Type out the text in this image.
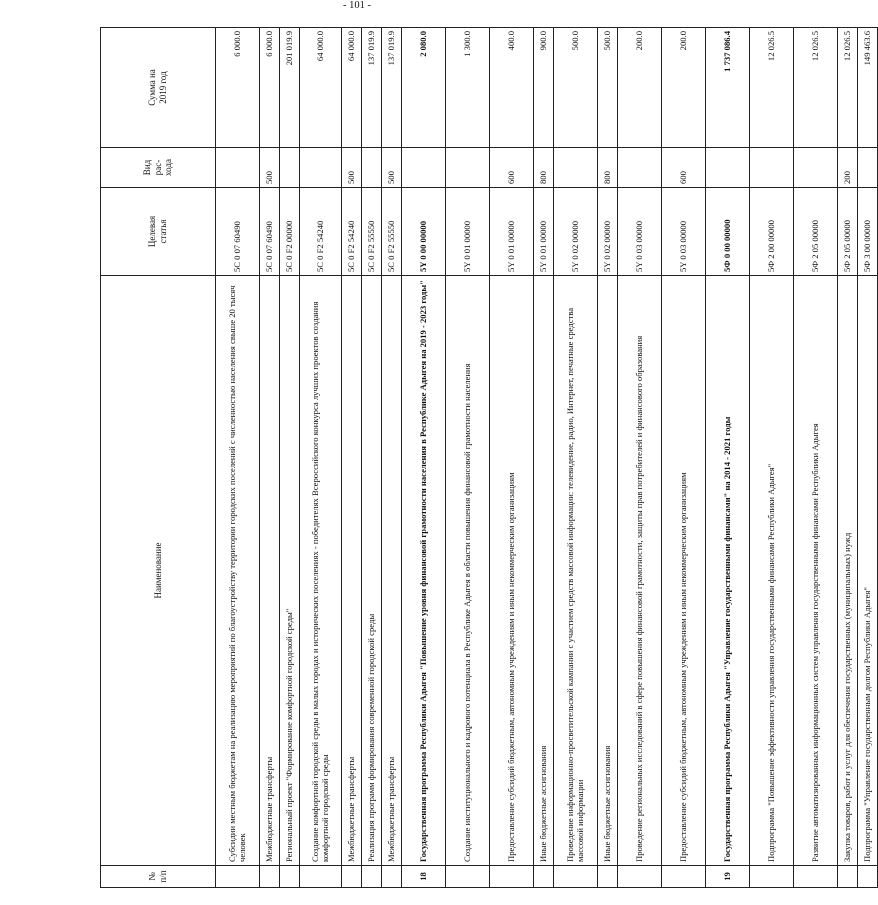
- 101 -
№
п/п	Наименование	Целевая
статья	Вид
рас-
хода	Сумма на
2019 год
	Субсидии местным бюджетам на реализацию мероприятий по благоустройству территории городских поселений с численностью населения свыше 20 тысяч человек	5С 0 07 60490		6 000.0
	Межбюджетные трансферты	5С 0 07 60490	500	6 000.0
	Региональный проект "Формирование комфортной городской среды"	5С 0 F2 00000		201 019.9
	Создание комфортной городской среды в малых городах и исторических поселениях - победителях Всероссийского конкурса лучших проектов создания комфортной городской среды	5С 0 F2 54240		64 000.0
	Межбюджетные трансферты	5С 0 F2 54240	500	64 000.0
	Реализация программ формирования современной городской среды	5С 0 F2 55550		137 019.9
	Межбюджетные трансферты	5С 0 F2 55550	500	137 019.9
18	Государственная программа Республики Адыгея "Повышение уровня финансовой грамотности населения в Республике Адыгея на 2019 - 2023 годы"	5Y 0 00 00000		2 080.0
	Создание институционального и кадрового потенциала в Республике Адыгея в области повышения финансовой грамотности населения	5Y 0 01 00000		1 300.0
	Предоставление субсидий бюджетным, автономным учреждениям и иным некоммерческим организациям	5Y 0 01 00000	600	400.0
	Иные бюджетные ассигнования	5Y 0 01 00000	800	900.0
	Проведение информационно-просветительской кампании с участием средств массовой информации: телевидение, радио, Интернет, печатные средства массовой информации	5Y 0 02 00000		500.0
	Иные бюджетные ассигнования	5Y 0 02 00000	800	500.0
	Проведение региональных исследований в сфере повышения финансовой грамотности, защиты прав потребителей и финансового образования	5Y 0 03 00000		200.0
	Предоставление субсидий бюджетным, автономным учреждениям и иным некоммерческим организациям	5Y 0 03 00000	600	200.0
19	Государственная программа Республики Адыгея "Управление государственными финансами" на 2014 - 2021 годы	5Ф 0 00 00000		1 737 086.4
	Подпрограмма "Повышение эффективности управления государственными финансами Республики Адыгея"	5Ф 2 00 00000		12 026.5
	Развитие автоматизированных информационных систем управления государственными финансами Республики Адыгея	5Ф 2 05 00000		12 026.5
	Закупка товаров, работ и услуг для обеспечения государственных (муниципальных) нужд	5Ф 2 05 00000	200	12 026.5
	Подпрограмма "Управление государственным долгом Республики Адыгея"	5Ф 3 00 00000		149 463.6
